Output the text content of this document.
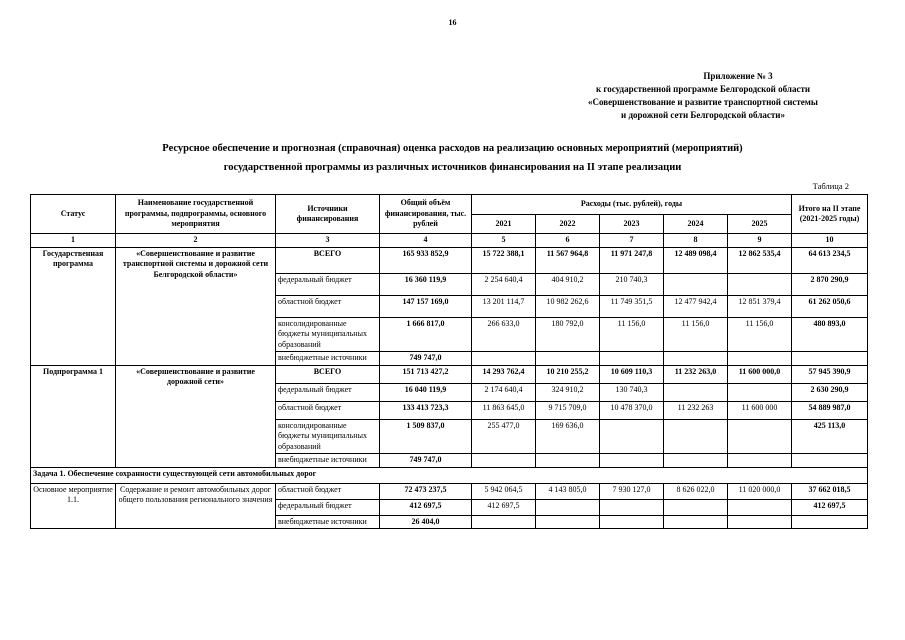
16
Приложение № 3
к государственной программе Белгородской области
«Совершенствование и развитие транспортной системы
и дорожной сети Белгородской области»
Ресурсное обеспечение и прогнозная (справочная) оценка расходов на реализацию основных мероприятий (мероприятий)
государственной программы из различных источников финансирования на II этапе реализации
Таблица 2
Статус	Наименование государственной программы, подпрограммы, основного мероприятия	Источники финансирования	Общий объём финансирования, тыс. рублей	Расходы (тыс. рублей), годы					Итого на II этапе (2021-2025 годы)
				2021	2022	2023	2024	2025	
1	2	3	4	5	6	7	8	9	10
Государственная программа	«Совершенствование и развитие транспортной системы и дорожной сети Белгородской области»	ВСЕГО	165 933 852,9	15 722 388,1	11 567 964,8	11 971 247,8	12 489 098,4	12 862 535,4	64 613 234,5
		федеральный бюджет	16 360 119,9	2 254 640,4	404 910,2	210 740,3			2 870 290,9
		областной бюджет	147 157 169,0	13 201 114,7	10 982 262,6	11 749 351,5	12 477 942,4	12 851 379,4	61 262 050,6
		консолидированные бюджеты муниципальных образований	1 666 817,0	266 633,0	180 792,0	11 156,0	11 156,0	11 156,0	480 893,0
		внебюджетные источники	749 747,0						
Подпрограмма 1	«Совершенствование и развитие дорожной сети»	ВСЕГО	151 713 427,2	14 293 762,4	10 210 255,2	10 609 110,3	11 232 263,0	11 600 000,0	57 945 390,9
		федеральный бюджет	16 040 119,9	2 174 640,4	324 910,2	130 740,3			2 630 290,9
		областной бюджет	133 413 723,3	11 863 645,0	9 715 709,0	10 478 370,0	11 232 263	11 600 000	54 889 987,0
		консолидированные бюджеты муниципальных образований	1 509 837,0	255 477,0	169 636,0				425 113,0
		внебюджетные источники	749 747,0						
Задача 1. Обеспечение сохранности существующей сети автомобильных дорог									
Основное мероприятие 1.1.	Содержание и ремонт автомобильных дорог общего пользования регионального значения	областной бюджет	72 473 237,5	5 942 064,5	4 143 805,0	7 930 127,0	8 626 022,0	11 020 000,0	37 662 018,5
		федеральный бюджет	412 697,5	412 697,5					412 697,5
		внебюджетные источники	26 404,0						
